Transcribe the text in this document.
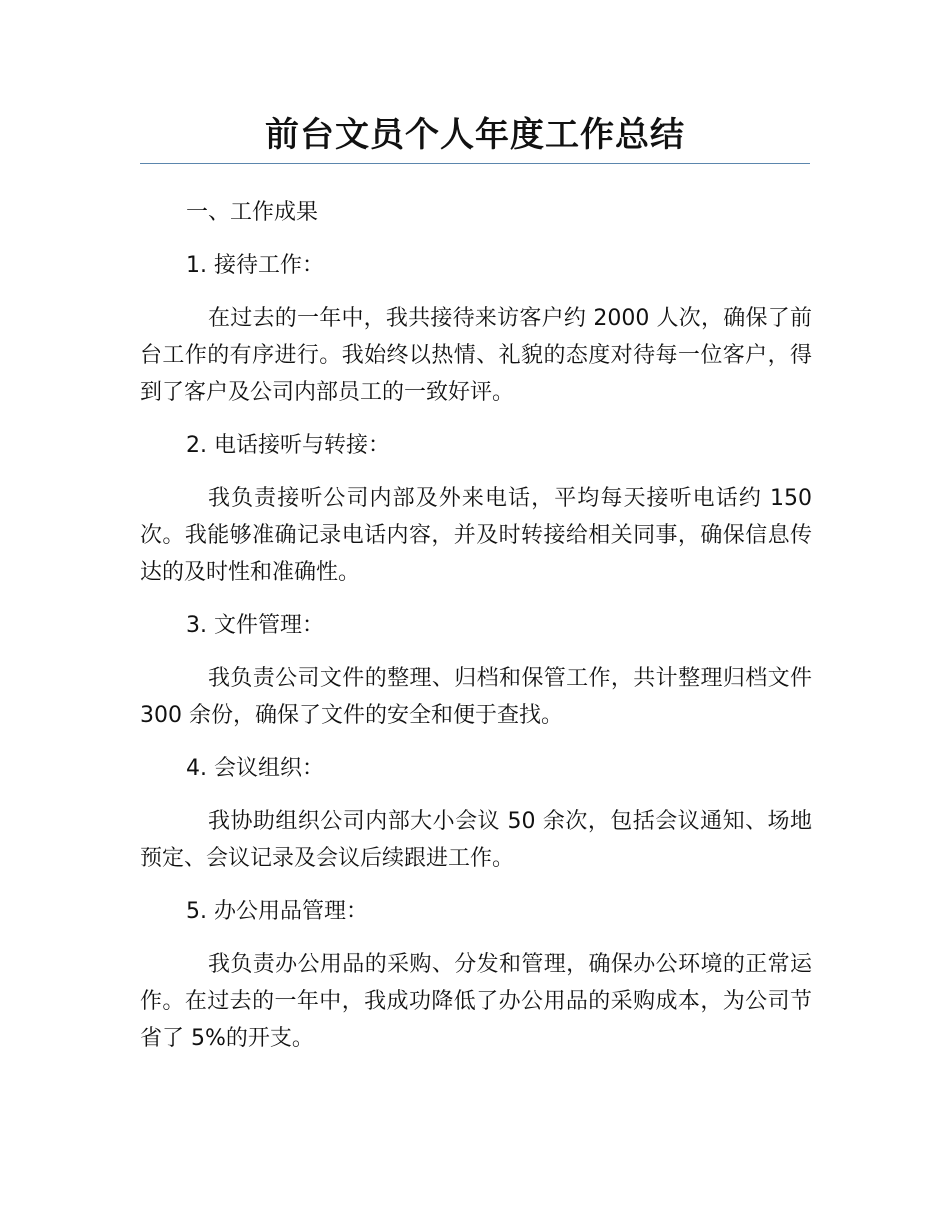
前台文员个人年度工作总结

一、工作成果

1. 接待工作：

在过去的一年中，我共接待来访客户约 2000 人次，确保了前台工作的有序进行。我始终以热情、礼貌的态度对待每一位客户，得到了客户及公司内部员工的一致好评。

2. 电话接听与转接：

我负责接听公司内部及外来电话，平均每天接听电话约 150 次。我能够准确记录电话内容，并及时转接给相关同事，确保信息传达的及时性和准确性。

3. 文件管理：

我负责公司文件的整理、归档和保管工作，共计整理归档文件 300 余份，确保了文件的安全和便于查找。

4. 会议组织：

我协助组织公司内部大小会议 50 余次，包括会议通知、场地预定、会议记录及会议后续跟进工作。

5. 办公用品管理：

我负责办公用品的采购、分发和管理，确保办公环境的正常运作。在过去的一年中，我成功降低了办公用品的采购成本，为公司节省了 5%的开支。
